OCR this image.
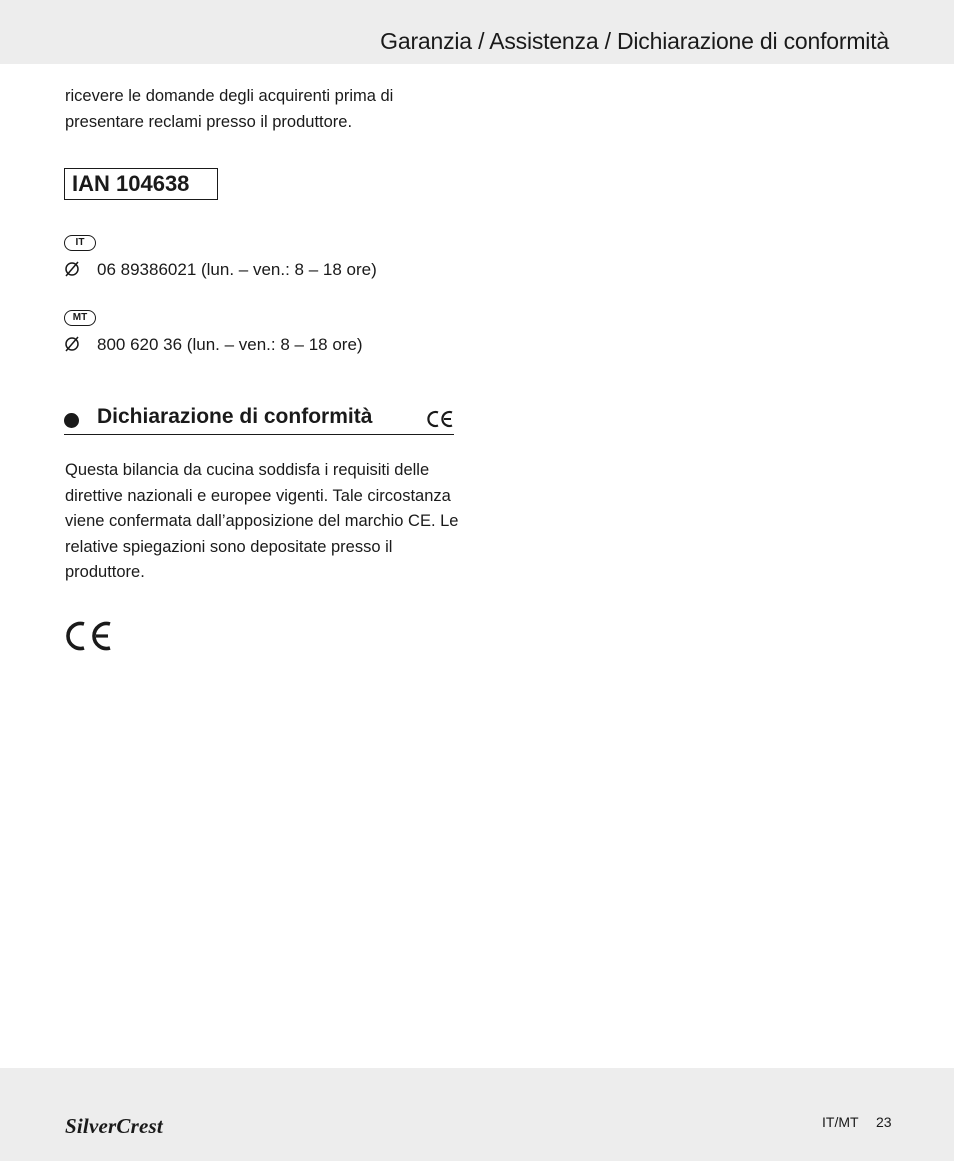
Garanzia / Assistenza / Dichiarazione di conformità

ricevere le domande degli acquirenti prima di presentare reclami presso il produttore.

IAN 104638
IT
06 89386021 (lun. – ven.: 8 – 18 ore)
MT
800 620 36 (lun. – ven.: 8 – 18 ore)
Dichiarazione di conformità

Questa bilancia da cucina soddisfa i requisiti delle direttive nazionali e europee vigenti. Tale circostanza viene confermata dall’apposizione del marchio CE. Le relative spiegazioni sono depositate presso il produttore.

SilverCrest	IT/MT 23
